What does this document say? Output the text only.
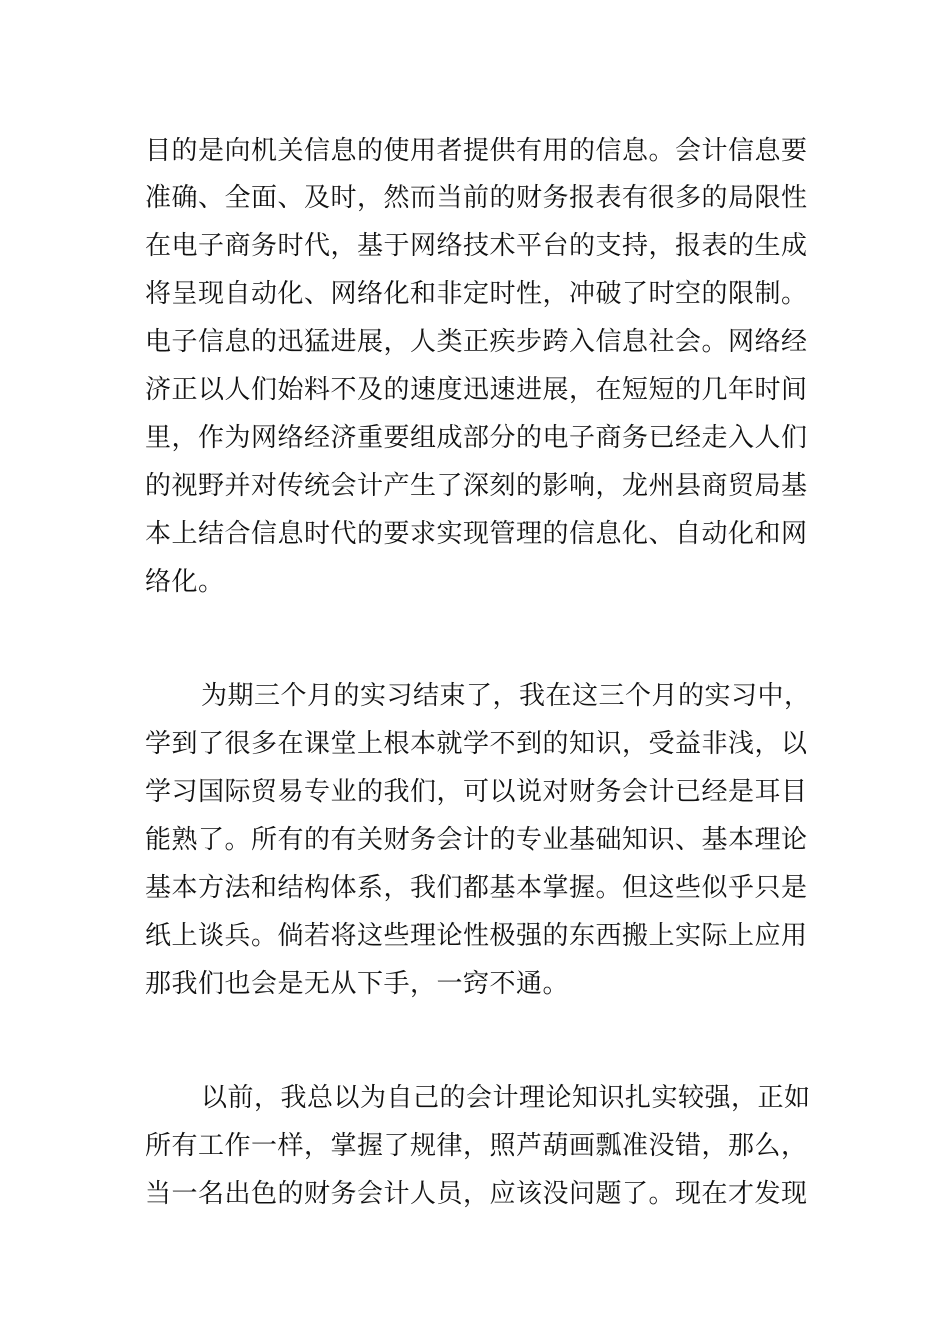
目的是向机关信息的使用者提供有用的信息。会计信息要
准确、全面、及时，然而当前的财务报表有很多的局限性
在电子商务时代，基于网络技术平台的支持，报表的生成
将呈现自动化、网络化和非定时性，冲破了时空的限制。
电子信息的迅猛进展，人类正疾步跨入信息社会。网络经
济正以人们始料不及的速度迅速进展，在短短的几年时间
里，作为网络经济重要组成部分的电子商务已经走入人们
的视野并对传统会计产生了深刻的影响，龙州县商贸局基
本上结合信息时代的要求实现管理的信息化、自动化和网
络化。
为期三个月的实习结束了，我在这三个月的实习中，
学到了很多在课堂上根本就学不到的知识，受益非浅，以
学习国际贸易专业的我们，可以说对财务会计已经是耳目
能熟了。所有的有关财务会计的专业基础知识、基本理论
基本方法和结构体系，我们都基本掌握。但这些似乎只是
纸上谈兵。倘若将这些理论性极强的东西搬上实际上应用
那我们也会是无从下手，一窍不通。
以前，我总以为自己的会计理论知识扎实较强，正如
所有工作一样，掌握了规律，照芦葫画瓢准没错，那么，
当一名出色的财务会计人员，应该没问题了。现在才发现
